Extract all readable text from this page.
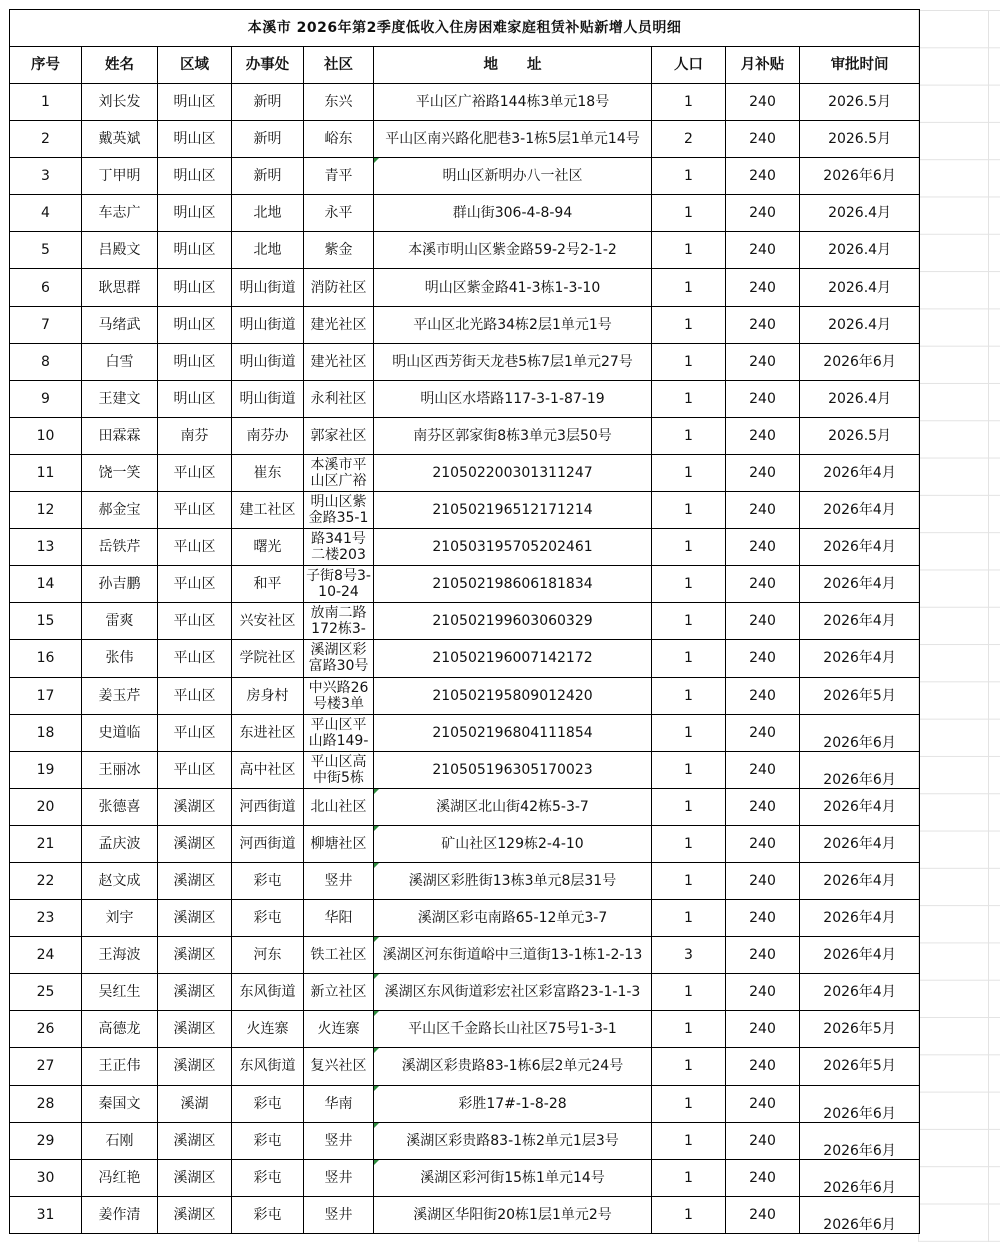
本溪市 2026年第2季度低收入住房困难家庭租赁补贴新增人员明细								
序号	姓名	区域	办事处	社区	地　　址	人口	月补贴	审批时间
1	刘长发	明山区	新明	东兴	平山区广裕路144栋3单元18号	1	240	2026.5月
2	戴英斌	明山区	新明	峪东	平山区南兴路化肥巷3-1栋5层1单元14号	2	240	2026.5月
3	丁甲明	明山区	新明	青平	明山区新明办八一社区	1	240	2026年6月
4	车志广	明山区	北地	永平	群山街306-4-8-94	1	240	2026.4月
5	吕殿文	明山区	北地	紫金	本溪市明山区紫金路59-2号2-1-2	1	240	2026.4月
6	耿思群	明山区	明山街道	消防社区	明山区紫金路41-3栋1-3-10	1	240	2026.4月
7	马绪武	明山区	明山街道	建光社区	平山区北光路34栋2层1单元1号	1	240	2026.4月
8	白雪	明山区	明山街道	建光社区	明山区西芳街天龙巷5栋7层1单元27号	1	240	2026年6月
9	王建文	明山区	明山街道	永利社区	明山区水塔路117-3-1-87-19	1	240	2026.4月
10	田霖霖	南芬	南芬办	郭家社区	南芬区郭家街8栋3单元3层50号	1	240	2026.5月
11	饶一笑	平山区	崔东	本溪市平山区广裕	210502200301311247	1	240	2026年4月
12	郝金宝	平山区	建工社区	明山区紫金路35-1	210502196512171214	1	240	2026年4月
13	岳铁芹	平山区	曙光	路341号二楼203	210503195705202461	1	240	2026年4月
14	孙吉鹏	平山区	和平	子街8号3-10-24	210502198606181834	1	240	2026年4月
15	雷爽	平山区	兴安社区	放南二路172栋3-	210502199603060329	1	240	2026年4月
16	张伟	平山区	学院社区	溪湖区彩富路30号	210502196007142172	1	240	2026年4月
17	姜玉芹	平山区	房身村	中兴路26号楼3单	210502195809012420	1	240	2026年5月
18	史道临	平山区	东进社区	平山区平山路149-	210502196804111854	1	240	2026年6月
19	王丽冰	平山区	高中社区	平山区高中街5栋	210505196305170023	1	240	2026年6月
20	张德喜	溪湖区	河西街道	北山社区	溪湖区北山街42栋5-3-7	1	240	2026年4月
21	孟庆波	溪湖区	河西街道	柳塘社区	矿山社区129栋2-4-10	1	240	2026年4月
22	赵文成	溪湖区	彩屯	竖井	溪湖区彩胜街13栋3单元8层31号	1	240	2026年4月
23	刘宇	溪湖区	彩屯	华阳	溪湖区彩屯南路65-12单元3-7	1	240	2026年4月
24	王海波	溪湖区	河东	铁工社区	溪湖区河东街道峪中三道街13-1栋1-2-13	3	240	2026年4月
25	吴红生	溪湖区	东风街道	新立社区	溪湖区东风街道彩宏社区彩富路23-1-1-3	1	240	2026年4月
26	高德龙	溪湖区	火连寨	火连寨	平山区千金路长山社区75号1-3-1	1	240	2026年5月
27	王正伟	溪湖区	东风街道	复兴社区	溪湖区彩贵路83-1栋6层2单元24号	1	240	2026年5月
28	秦国文	溪湖	彩屯	华南	彩胜17#-1-8-28	1	240	2026年6月
29	石刚	溪湖区	彩屯	竖井	溪湖区彩贵路83-1栋2单元1层3号	1	240	2026年6月
30	冯红艳	溪湖区	彩屯	竖井	溪湖区彩河街15栋1单元14号	1	240	2026年6月
31	姜作清	溪湖区	彩屯	竖井	溪湖区华阳街20栋1层1单元2号	1	240	2026年6月
